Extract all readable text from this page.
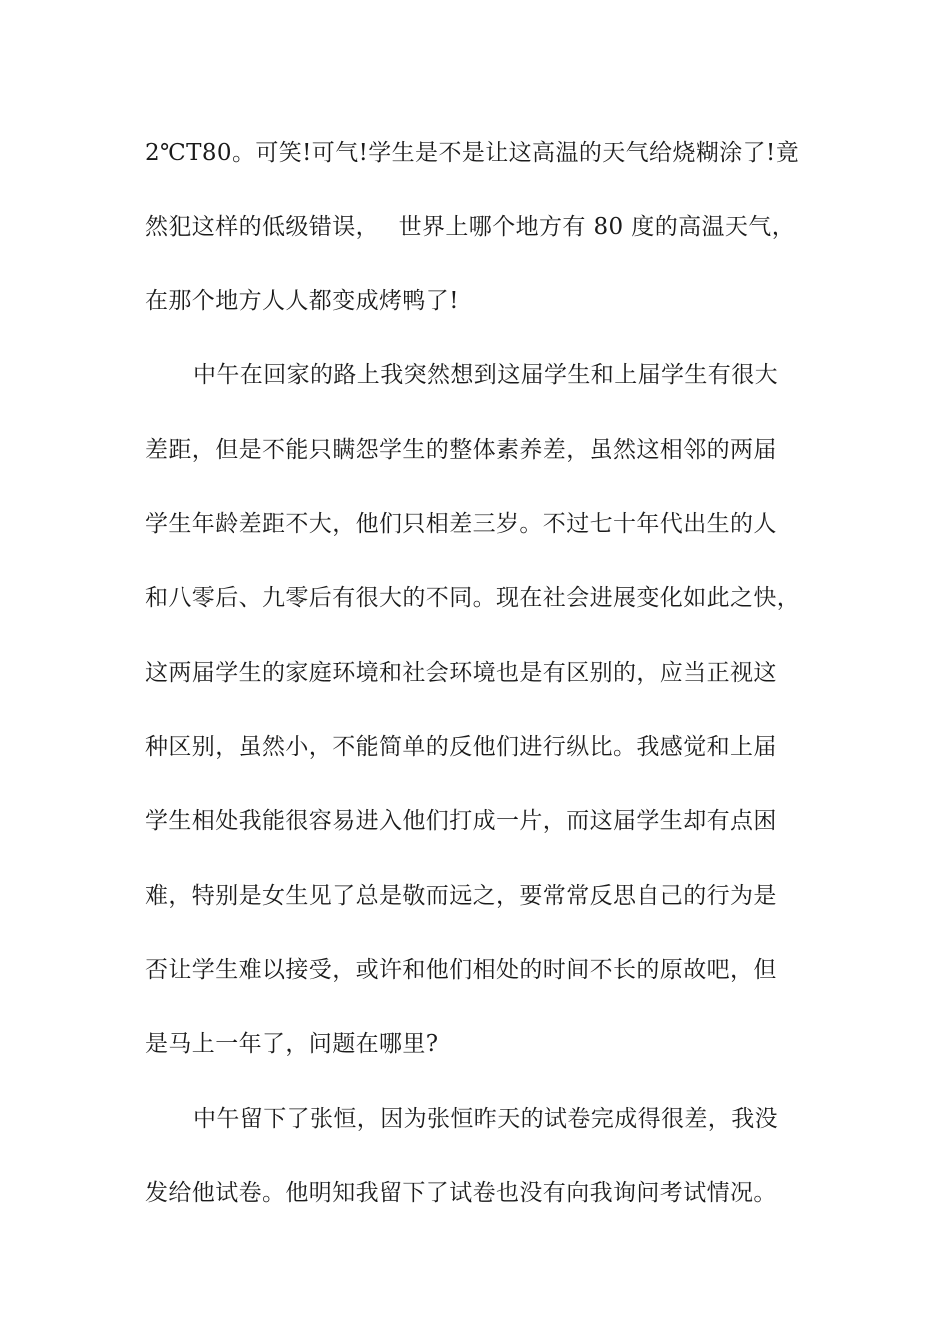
2℃T80。可笑!可气!学生是不是让这高温的天气给烧糊涂了!竟
然犯这样的低级错误，　 世界上哪个地方有 80 度的高温天气，
在那个地方人人都变成烤鸭了!
中午在回家的路上我突然想到这届学生和上届学生有很大
差距，但是不能只瞒怨学生的整体素养差，虽然这相邻的两届
学生年龄差距不大，他们只相差三岁。不过七十年代出生的人
和八零后、九零后有很大的不同。现在社会进展变化如此之快，
这两届学生的家庭环境和社会环境也是有区别的，应当正视这
种区别，虽然小，不能简单的反他们进行纵比。我感觉和上届
学生相处我能很容易进入他们打成一片，而这届学生却有点困
难，特别是女生见了总是敬而远之，要常常反思自己的行为是
否让学生难以接受，或许和他们相处的时间不长的原故吧，但
是马上一年了，问题在哪里?
中午留下了张恒，因为张恒昨天的试卷完成得很差，我没
发给他试卷。他明知我留下了试卷也没有向我询问考试情况。
